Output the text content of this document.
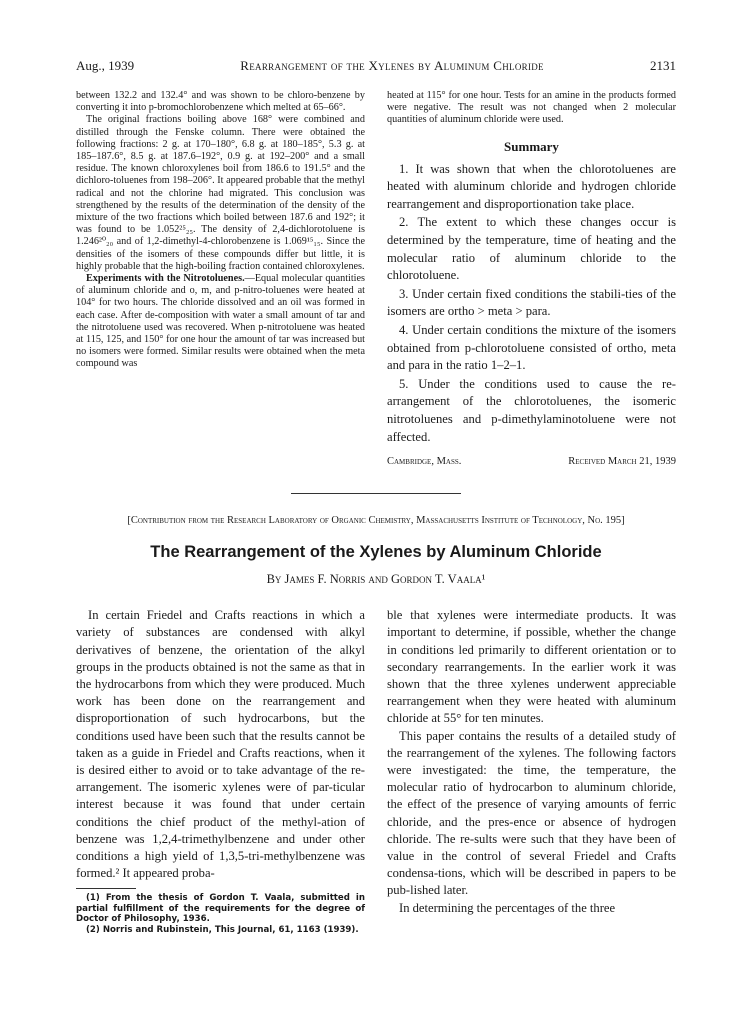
Aug., 1939	Rearrangement of the Xylenes by Aluminum Chloride	2131

between 132.2 and 132.4° and was shown to be chloro-benzene by converting it into p-bromochlorobenzene which melted at 65–66°.

The original fractions boiling above 168° were combined and distilled through the Fenske column. There were obtained the following fractions: 2 g. at 170–180°, 6.8 g. at 180–185°, 5.3 g. at 185–187.6°, 8.5 g. at 187.6–192°, 0.9 g. at 192–200° and a small residue. The known chloroxylenes boil from 186.6 to 191.5° and the dichloro-toluenes from 198–206°. It appeared probable that the methyl radical and not the chlorine had migrated. This conclusion was strengthened by the results of the determination of the density of the mixture of the two fractions which boiled between 187.6 and 192°; it was found to be 1.052²⁵₂₅. The density of 2,4-dichlorotoluene is 1.246²⁰₂₀ and of 1,2-dimethyl-4-chlorobenzene is 1.069¹⁵₁₅. Since the densities of the isomers of these compounds differ but little, it is highly probable that the high-boiling fraction contained chloroxylenes.

Experiments with the Nitrotoluenes.—Equal molecular quantities of aluminum chloride and o, m, and p-nitro-toluenes were heated at 104° for two hours. The chloride dissolved and an oil was formed in each case. After de-composition with water a small amount of tar and the nitrotoluene used was recovered. When p-nitrotoluene was heated at 115, 125, and 150° for one hour the amount of tar was increased but no isomers were formed. Similar results were obtained when the meta compound was

heated at 115° for one hour. Tests for an amine in the products formed were negative. The result was not changed when 2 molecular quantities of aluminum chloride were used.
Summary

1. It was shown that when the chlorotoluenes are heated with aluminum chloride and hydrogen chloride rearrangement and disproportionation take place.

2. The extent to which these changes occur is determined by the temperature, time of heating and the molecular ratio of aluminum chloride to the chlorotoluene.

3. Under certain fixed conditions the stabili-ties of the isomers are ortho > meta > para.

4. Under certain conditions the mixture of the isomers obtained from p-chlorotoluene consisted of ortho, meta and para in the ratio 1–2–1.

5. Under the conditions used to cause the re-arrangement of the chlorotoluenes, the isomeric nitrotoluenes and p-dimethylaminotoluene were not affected.

Cambridge, Mass.	Received March 21, 1939
[Contribution from the Research Laboratory of Organic Chemistry, Massachusetts Institute of Technology, No. 195]
The Rearrangement of the Xylenes by Aluminum Chloride
By James F. Norris and Gordon T. Vaala¹

In certain Friedel and Crafts reactions in which a variety of substances are condensed with alkyl derivatives of benzene, the orientation of the alkyl groups in the products obtained is not the same as that in the hydrocarbons from which they were produced. Much work has been done on the rearrangement and disproportionation of such hydrocarbons, but the conditions used have been such that the results cannot be taken as a guide in Friedel and Crafts reactions, when it is desired either to avoid or to take advantage of the re-arrangement. The isomeric xylenes were of par-ticular interest because it was found that under certain conditions the chief product of the methyl-ation of benzene was 1,2,4-trimethylbenzene and under other conditions a high yield of 1,3,5-tri-methylbenzene was formed.² It appeared proba-

(1) From the thesis of Gordon T. Vaala, submitted in partial fulfillment of the requirements for the degree of Doctor of Philosophy, 1936.

(2) Norris and Rubinstein, This Journal, 61, 1163 (1939).

ble that xylenes were intermediate products. It was important to determine, if possible, whether the change in conditions led primarily to different orientation or to secondary rearrangements. In the earlier work it was shown that the three xylenes underwent appreciable rearrangement when they were heated with aluminum chloride at 55° for ten minutes.

This paper contains the results of a detailed study of the rearrangement of the xylenes. The following factors were investigated: the time, the temperature, the molecular ratio of hydrocarbon to aluminum chloride, the effect of the presence of varying amounts of ferric chloride, and the pres-ence or absence of hydrogen chloride. The re-sults were such that they have been of value in the control of several Friedel and Crafts condensa-tions, which will be described in papers to be pub-lished later.

In determining the percentages of the three
